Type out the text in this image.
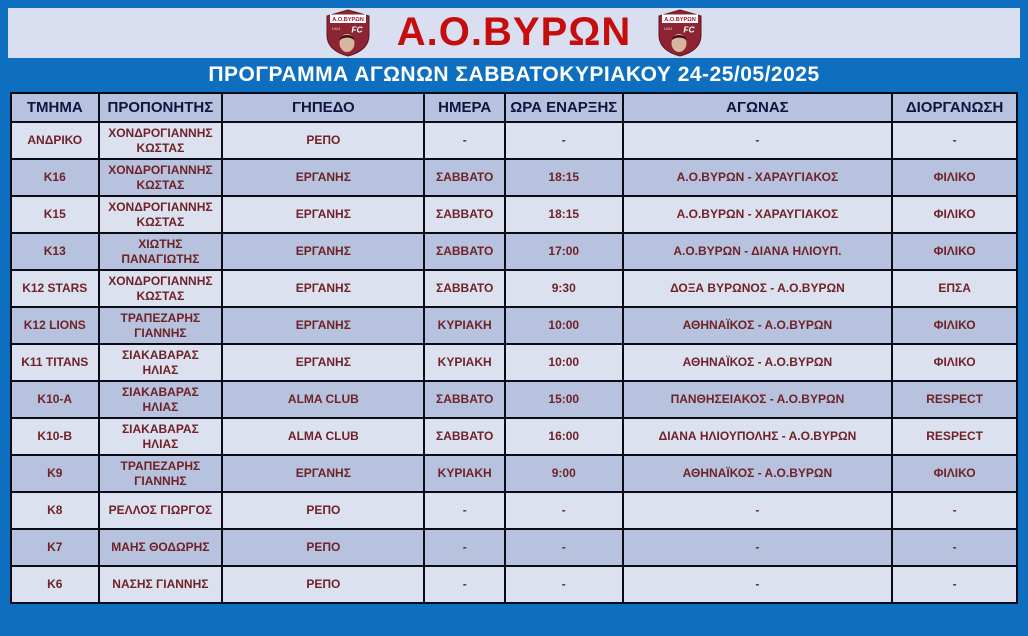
Α.Ο.ΒΥΡΩΝ
1924 FC Α.Ο.ΒΥΡΩΝ	Α.Ο.ΒΥΡΩΝ
1924 FC
ΠΡΟΓΡΑΜΜΑ ΑΓΩΝΩΝ ΣΑΒΒΑΤΟΚΥΡΙΑΚΟΥ 24-25/05/2025
ΤΜΗΜΑ	ΠΡΟΠΟΝΗΤΗΣ	ΓΗΠΕΔΟ	ΗΜΕΡΑ	ΩΡΑ ΕΝΑΡΞΗΣ	ΑΓΩΝΑΣ	ΔΙΟΡΓΑΝΩΣΗ
ΑΝΔΡΙΚΟ	ΧΟΝΔΡΟΓΙΑΝΝΗΣ ΚΩΣΤΑΣ	ΡΕΠΟ	-	-	-	-
K16	ΧΟΝΔΡΟΓΙΑΝΝΗΣ ΚΩΣΤΑΣ	ΕΡΓΑΝΗΣ	ΣΑΒΒΑΤΟ	18:15	Α.Ο.ΒΥΡΩΝ - ΧΑΡΑΥΓΙΑΚΟΣ	ΦΙΛΙΚΟ
K15	ΧΟΝΔΡΟΓΙΑΝΝΗΣ ΚΩΣΤΑΣ	ΕΡΓΑΝΗΣ	ΣΑΒΒΑΤΟ	18:15	Α.Ο.ΒΥΡΩΝ - ΧΑΡΑΥΓΙΑΚΟΣ	ΦΙΛΙΚΟ
K13	ΧΙΩΤΗΣ ΠΑΝΑΓΙΩΤΗΣ	ΕΡΓΑΝΗΣ	ΣΑΒΒΑΤΟ	17:00	Α.Ο.ΒΥΡΩΝ - ΔΙΑΝΑ ΗΛΙΟΥΠ.	ΦΙΛΙΚΟ
K12 STARS	ΧΟΝΔΡΟΓΙΑΝΝΗΣ ΚΩΣΤΑΣ	ΕΡΓΑΝΗΣ	ΣΑΒΒΑΤΟ	9:30	ΔΟΞΑ ΒΥΡΩΝΟΣ - Α.Ο.ΒΥΡΩΝ	ΕΠΣΑ
K12 LIONS	ΤΡΑΠΕΖΑΡΗΣ ΓΙΑΝΝΗΣ	ΕΡΓΑΝΗΣ	ΚΥΡΙΑΚΗ	10:00	ΑΘΗΝΑΪΚΟΣ - Α.Ο.ΒΥΡΩΝ	ΦΙΛΙΚΟ
K11 TITANS	ΣΙΑΚΑΒΑΡΑΣ ΗΛΙΑΣ	ΕΡΓΑΝΗΣ	ΚΥΡΙΑΚΗ	10:00	ΑΘΗΝΑΪΚΟΣ - Α.Ο.ΒΥΡΩΝ	ΦΙΛΙΚΟ
K10-A	ΣΙΑΚΑΒΑΡΑΣ ΗΛΙΑΣ	ALMA CLUB	ΣΑΒΒΑΤΟ	15:00	ΠΑΝΘΗΣΕΙΑΚΟΣ - Α.Ο.ΒΥΡΩΝ	RESPECT
K10-B	ΣΙΑΚΑΒΑΡΑΣ ΗΛΙΑΣ	ALMA CLUB	ΣΑΒΒΑΤΟ	16:00	ΔΙΑΝΑ ΗΛΙΟΥΠΟΛΗΣ - Α.Ο.ΒΥΡΩΝ	RESPECT
K9	ΤΡΑΠΕΖΑΡΗΣ ΓΙΑΝΝΗΣ	ΕΡΓΑΝΗΣ	ΚΥΡΙΑΚΗ	9:00	ΑΘΗΝΑΪΚΟΣ - Α.Ο.ΒΥΡΩΝ	ΦΙΛΙΚΟ
K8	ΡΕΛΛΟΣ ΓΙΩΡΓΟΣ	ΡΕΠΟ	-	-	-	-
K7	ΜΑΗΣ ΘΟΔΩΡΗΣ	ΡΕΠΟ	-	-	-	-
K6	ΝΑΣΗΣ ΓΙΑΝΝΗΣ	ΡΕΠΟ	-	-	-	-
